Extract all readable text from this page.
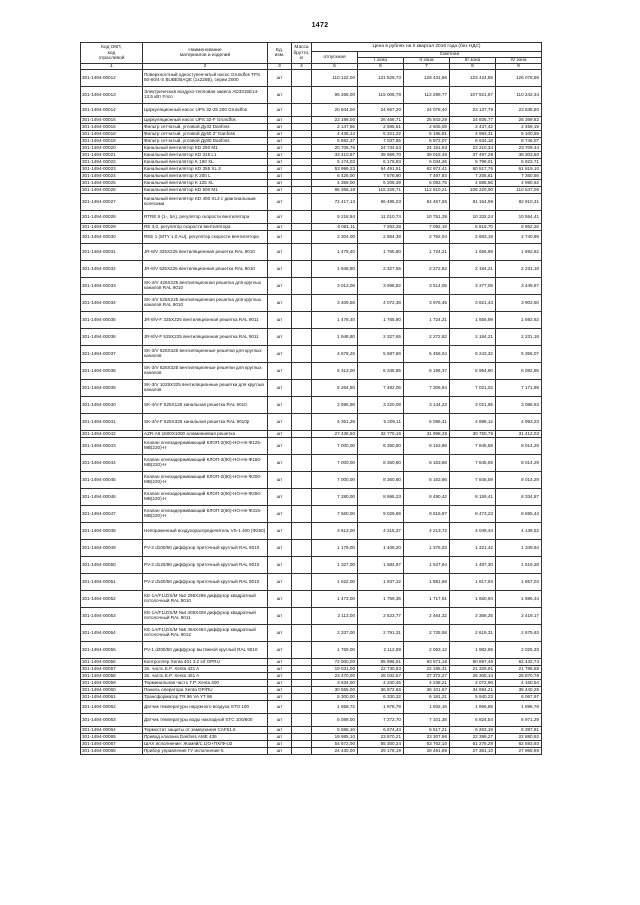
1472
Код ОКП,
код
отраслевой	Наименование
материалов и изделий	Ед.
изм.	Масса
брутто,
кг	Цена в рублях на II квартал 2016 года (без НДС)				
				отпускная	Сметная			
					I зона	II зона	III зона	IV зона
1	2	3	4	5	6	7	8	9
301-1494-00012	Поверхностный одноступенчатый насос Grundfos TPS 50-60/4-S BUBE/BAQE (1x220В), серии 2000	шт		110 122,00	131 529,73	128 431,56	123 424,55	126 078,59
301-1494-00013	Электрическая воздухо-тепловая завеса AD3315E14-13,5 кВт Frico	шт		96 266,00	115 006,79	112 299,77	107 921,67	110 242,34
301-1494-00014	Циркуляционный насос UPS 32-25 200 Grundfos	шт		20 844,00	24 657,20	24 078,40	23 137,78	23 635,80
301-1494-00015	Циркуляционный насос UPS 32-F Grundfos	шт		22 198,00	26 466,71	25 843,29	24 835,77	25 369,82
301-1494-00016	Фильтр сетчатый, угловой Ду32 Danfoss	шт		2 147,55	2 585,51	2 505,08	2 437,42	2 459,19
301-1494-00018	Фильтр сетчатый, угловой Ду50 2" Danfoss	шт		4 435,14	5 321,22	5 195,81	4 993,31	5 100,69
301-1494-00019	Фильтр сетчатый, угловой Ду80 Danfoss	шт		5 692,37	7 037,85	6 872,07	6 634,18	6 746,07
301-1494-00020	Канальный вентилятор KD 250 M1	шт		20 706,76	24 734,53	24 151,93	23 210,34	23 709,44
301-1494-00021	Канальный вентилятор KD 315 L1	шт		33 410,87	39 959,70	39 018,45	37 497,28	38 303,60
301-1494-00022	Канальный вентилятор K 160 XL	шт		5 174,03	6 178,83	6 034,26	5 799,01	5 923,71
301-1494-00023	Канальный вентилятор KD 355 XL 3	шт		53 996,23	64 491,51	62 972,41	60 517,76	61 819,10
301-1494-00024	Канальный вентилятор K 200 L	шт		6 426,00	7 678,90	7 497,93	7 205,61	7 360,56
301-1494-00025	Канальный вентилятор K 125 XL	шт		4 359,00	5 206,39	5 083,75	4 885,56	4 990,62
301-1494-00026	Канальный вентилятор KD 500 M1	шт		96 356,18	115 329,71	112 610,21	108 220,00	110 547,06
301-1494-00027	Канальный вентилятор KD 400 XL3 с диагональным колесами	шт		72 417,13	86 495,03	84 457,65	81 164,99	82 910,31
301-1494-00028	RTRE 5 (1-, 5А), регулятор скорости вентилятора	шт		9 218,84	11 010,74	10 751,39	10 332,24	10 554,41
301-1494-00029	RE 3,0, регулятор скорости вентилятора	шт		6 081,11	7 263,28	7 092,19	6 815,70	6 962,26
301-1494-00030	REE 1 (MTY 1,0 AU), регулятор скорости вентилятора	шт		2 304,00	2 854,39	2 792,04	2 683,19	2 740,89
301-1494-00031	JR-8/V 325X225 вентиляционная решетка RAL 9010	шт		1 478,40	1 765,80	1 724,21	1 656,99	1 692,62
301-1494-00032	JR-8/V 525X225 вентиляционная решетка RAL 9010	шт		1 948,80	2 327,65	2 272,82	2 184,21	2 231,18
301-1494-00033	SK-4/V 425X225 вентиляционная решетка для круглых каналов RAL 9010	шт		3 013,08	3 598,82	3 514,05	3 377,05	3 449,67
301-1494-00034	SK-4/V 525X225 вентиляционная решетка для круглых каналов RAL 9010	шт		3 409,56	4 072,38	3 976,45	3 821,43	3 903,60
301-1494-00035	JR-8/V-F 325X225 вентиляционная решетка RAL 9011	шт		1 478,40	1 765,80	1 724,21	1 656,99	1 692,62
301-1494-00036	JR-8/V-F 525X225 вентиляционная решетка RAL 9011	шт		1 948,80	2 327,65	2 272,82	2 184,21	2 231,18
301-1494-00037	SK-3/V 625X325 вентиляционные решетки для круглых каналов	шт		4 678,26	5 587,66	5 456,04	5 243,32	5 356,07
301-1494-00038	SK-3/V 825X325 вентиляционные решетки для круглых каналов	шт		5 313,00	6 345,85	6 196,37	5 954,80	6 082,85
301-1494-00039	SK-3/V 1025X325 вентиляционные решетки для круглых каналов	шт		6 264,50	7 482,06	7 305,84	7 021,02	7 171,99
301-1494-00040	SK-4/V-F 525X125 канальная решетка RAL 9010	шт		2 695,98	3 220,08	3 144,23	3 021,65	3 086,63
301-1494-00041	SK-4/V-F 625X325 канальная решетка RAL 9010р	шт		4 361,28	5 209,11	5 086,41	4 888,12	4 993,23
301-1494-00042	AZR-A5 1500X1000 алюминиевая решетка	шт		27 436,50	32 770,16	31 998,28	30 750,78	31 412,03
301-1494-00043	Клапан огнезадерживающий КЛОП-2(90)-НО-Нп-Ф125-МВ(220)-Н	шт		7 000,00	8 360,80	8 163,86	7 845,59	8 014,29
301-1494-00044	Клапан огнезадерживающий КЛОП-2(90)-НО-Нп-Ф160-МВ(220)-Н	шт		7 000,00	8 360,80	8 163,86	7 845,59	8 014,29
301-1494-00045	Клапан огнезадерживающий КЛОП-2(90)-НО-Нп-Ф200-МВ(220)-Н	шт		7 000,00	8 360,80	8 163,86	7 845,59	8 014,29
301-1494-00046	Клапан огнезадерживающий КЛОП-2(90)-НО-Нп-Ф250-МВ(220)-Н	шт		7 280,00	8 695,23	8 490,42	8 159,41	8 334,87
301-1494-00047	Клапан огнезадерживающий КЛОП-2(90)-НО-Нп-Ф315-МВ(220)-Н	шт		7 560,00	9 029,66	8 816,97	8 473,23	8 655,44
301-1494-00048	Непораженный воздухораспределитель VS-1 400 (Ф250)	шт		3 613,00	4 315,37	4 213,72	4 049,44	4 136,52
301-1494-00049	PV-2 d100/50 диффузор приточный круглый RAL 9010	шт		1 179,00	1 408,20	1 375,03	1 321,42	1 349,84
301-1494-00050	PV-2 d125/80 диффузор приточный круглый RAL 9010	шт		1 327,00	1 584,97	1 547,64	1 487,30	1 519,28
301-1494-00051	PV-2 d160/50 диффузор приточный круглый RAL 9010	шт		1 622,00	1 937,32	1 891,68	1 817,93	1 857,03
301-1494-00052	KE-1A/F1/Z/S/M №2 298X298 диффузор квадратный потолочный RAL 9010	шт		1 473,00	1 759,35	1 717,91	1 650,94	1 686,44
301-1494-00053	KE-1A/F1/Z/S/M №4 408X408 диффузор квадратный потолочный RAL 9011	шт		2 113,00	2 523,77	2 464,32	2 368,25	2 419,17
301-1494-00054	KE-1A/F1/Z/S/M №5 464X464 диффузор квадратный потолочный RAL 9012	шт		2 337,00	2 791,31	2 725,58	2 619,31	2 675,63
301-1494-00055	PV-1 d200/50 диффузор вытяжной круглый RAL 9010	шт		1 769,00	2 112,89	2 063,12	1 982,69	2 025,33
301-1494-00056	Контроллер Xenta 401 3,2 inf OPRU	шт		72 000,00	85 996,81	83 971,18	80 697,46	82 432,74
301-1494-00057	Зп. часть E.P. Xenta 421 A	шт		19 031,00	22 730,83	22 195,31	21 329,91	21 788,58
301-1494-00058	Зп. часть E.P. Xenta 451 A	шт		23 470,00	28 032,67	27 372,27	26 305,14	26 870,78
301-1494-00059	Терминальная часть T.P. Xenta 400	шт		3 634,00	4 340,45	4 238,21	4 072,96	4 160,54
301-1494-00060	Панель оператора Xenta OP/RU	шт		30 555,00	36 972,66	36 101,67	34 694,21	35 440,25
301-1494-00061	Трансформатор TR 96 VA YT 96	шт		5 300,00	6 330,32	6 181,21	5 940,23	6 067,97
301-1494-00062	Датчик температуры наружного воздуха STO 100	шт		1 658,72	1 978,79	1 932,18	1 856,85	1 896,78
301-1494-00063	Датчик температуры воды накладной STC 100/600	шт		6 089,00	7 272,70	7 101,38	6 824,54	6 971,29
301-1494-00064	Термостат защиты от замерзания CAF61.6	шт		5 585,10	6 674,43	6 517,21	6 263,19	6 397,81
301-1494-00065	Привод клапана Danfoss AME 435	шт		19 985,10	23 870,21	23 307,96	22 399,27	22 880,92
301-1494-00067	ШАХ исполнение: Жомяй/1,1(О+ПХ/Ф-U2	шт		54 672,00	65 300,24	63 762,10	61 276,28	62 593,93
301-1494-00068	Прибор управления ГУ исполнение 5	шт		24 430,00	29 178,19	28 491,89	27 381,10	27 969,89
